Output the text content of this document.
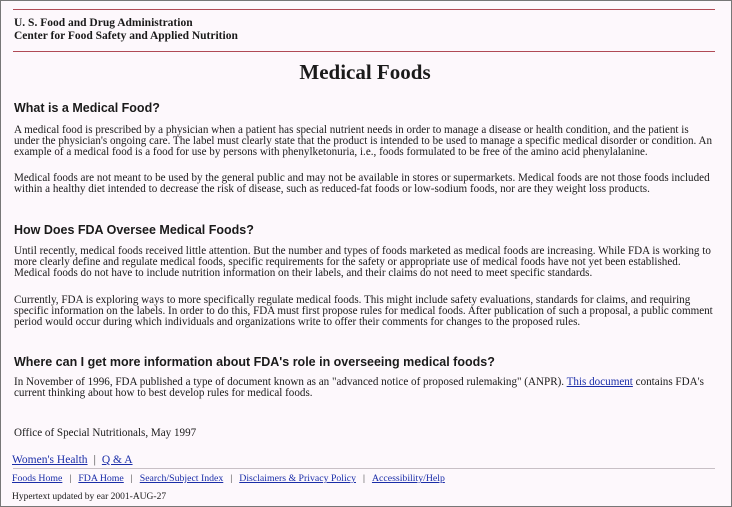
U. S. Food and Drug Administration
Center for Food Safety and Applied Nutrition
Medical Foods
What is a Medical Food?

A medical food is prescribed by a physician when a patient has special nutrient needs in order to manage a disease or health condition, and the patient is under the physician's ongoing care. The label must clearly state that the product is intended to be used to manage a specific medical disorder or condition. An example of a medical food is a food for use by persons with phenylketonuria, i.e., foods formulated to be free of the amino acid phenylalanine.

Medical foods are not meant to be used by the general public and may not be available in stores or supermarkets. Medical foods are not those foods included within a healthy diet intended to decrease the risk of disease, such as reduced-fat foods or low-sodium foods, nor are they weight loss products.

How Does FDA Oversee Medical Foods?

Until recently, medical foods received little attention. But the number and types of foods marketed as medical foods are increasing. While FDA is working to more clearly define and regulate medical foods, specific requirements for the safety or appropriate use of medical foods have not yet been established. Medical foods do not have to include nutrition information on their labels, and their claims do not need to meet specific standards.

Currently, FDA is exploring ways to more specifically regulate medical foods. This might include safety evaluations, standards for claims, and requiring specific information on the labels. In order to do this, FDA must first propose rules for medical foods. After publication of such a proposal, a public comment period would occur during which individuals and organizations write to offer their comments for changes to the proposed rules.

Where can I get more information about FDA's role in overseeing medical foods?

In November of 1996, FDA published a type of document known as an "advanced notice of proposed rulemaking" (ANPR). This document contains FDA's current thinking about how to best develop rules for medical foods.

Office of Special Nutritionals, May 1997

Women's Health | Q & A
Foods Home | FDA Home | Search/Subject Index | Disclaimers & Privacy Policy | Accessibility/Help
Hypertext updated by ear 2001-AUG-27
